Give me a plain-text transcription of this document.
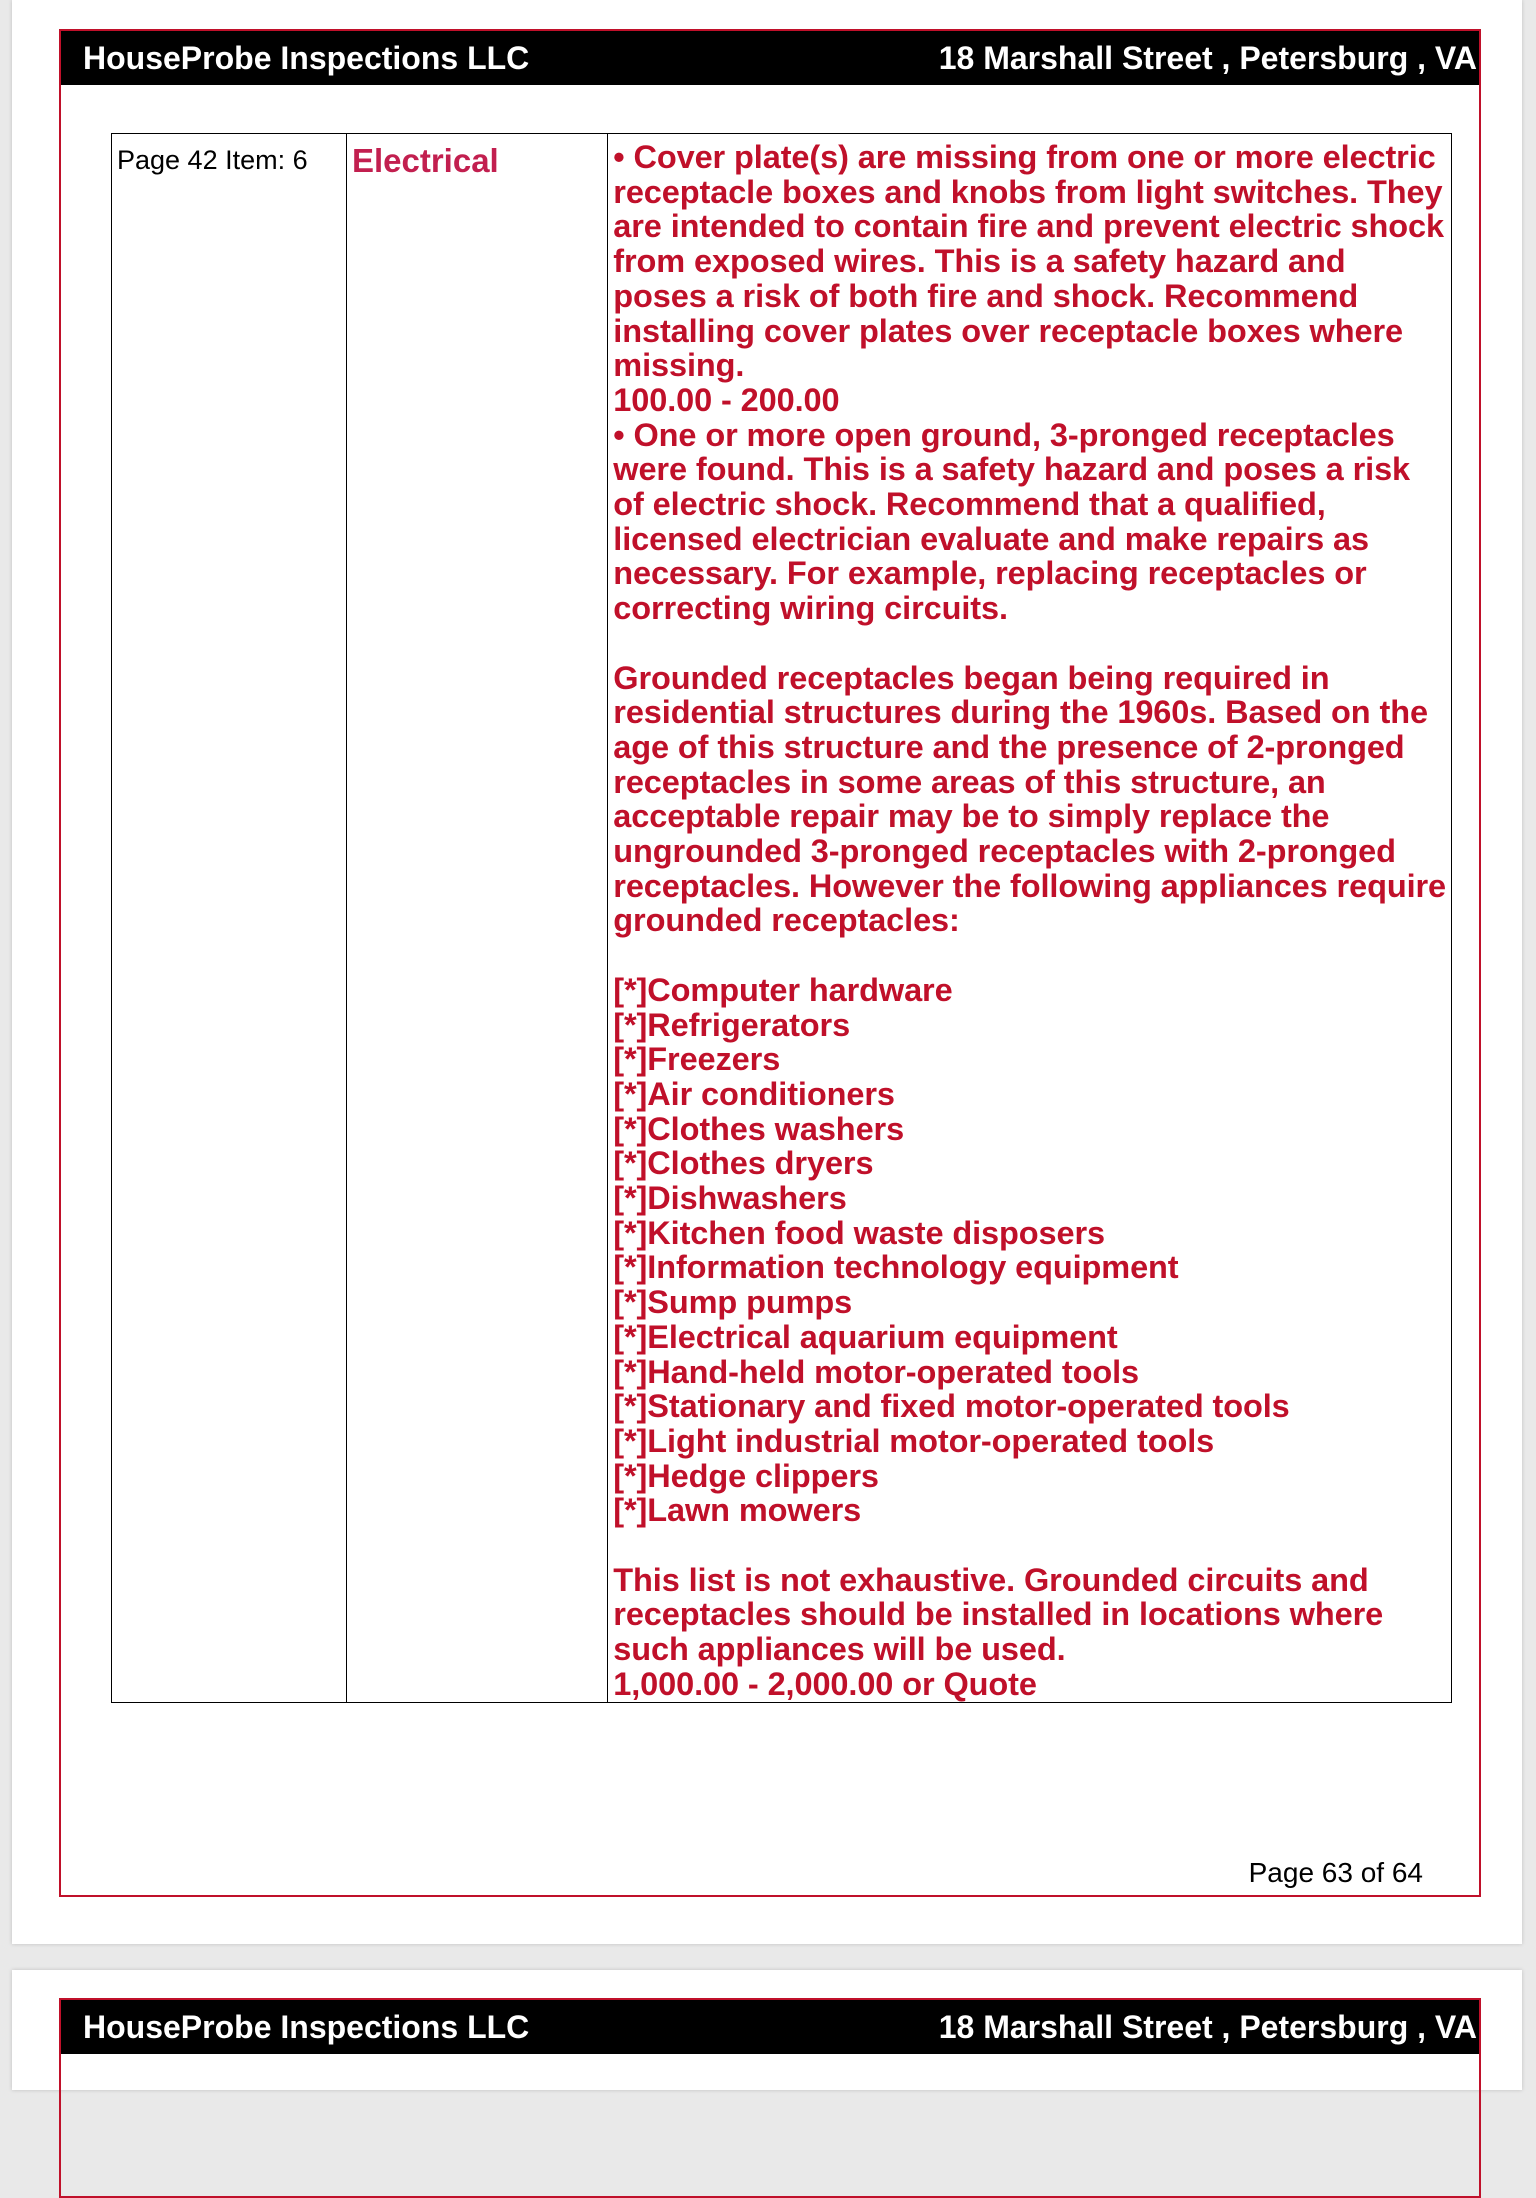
HouseProbe Inspections LLC	18 Marshall Street , Petersburg , VA
Page 42 Item: 6	Electrical	• Cover plate(s) are missing from one or more electric receptacle boxes and knobs from light switches. They are intended to contain fire and prevent electric shock from exposed wires. This is a safety hazard and poses a risk of both fire and shock. Recommend installing cover plates over receptacle boxes where missing.

100.00 - 200.00

• One or more open ground, 3-pronged receptacles were found. This is a safety hazard and poses a risk of electric shock. Recommend that a qualified, licensed electrician evaluate and make repairs as necessary. For example, replacing receptacles or correcting wiring circuits.

Grounded receptacles began being required in residential structures during the 1960s. Based on the age of this structure and the presence of 2-pronged receptacles in some areas of this structure, an acceptable repair may be to simply replace the ungrounded 3-pronged receptacles with 2-pronged receptacles. However the following appliances require grounded receptacles:

[*]Computer hardware
[*]Refrigerators
[*]Freezers
[*]Air conditioners
[*]Clothes washers
[*]Clothes dryers
[*]Dishwashers
[*]Kitchen food waste disposers
[*]Information technology equipment
[*]Sump pumps
[*]Electrical aquarium equipment
[*]Hand-held motor-operated tools
[*]Stationary and fixed motor-operated tools
[*]Light industrial motor-operated tools
[*]Hedge clippers
[*]Lawn mowers

This list is not exhaustive. Grounded circuits and receptacles should be installed in locations where such appliances will be used.

1,000.00 - 2,000.00 or Quote

Page 63 of 64
HouseProbe Inspections LLC	18 Marshall Street , Petersburg , VA
